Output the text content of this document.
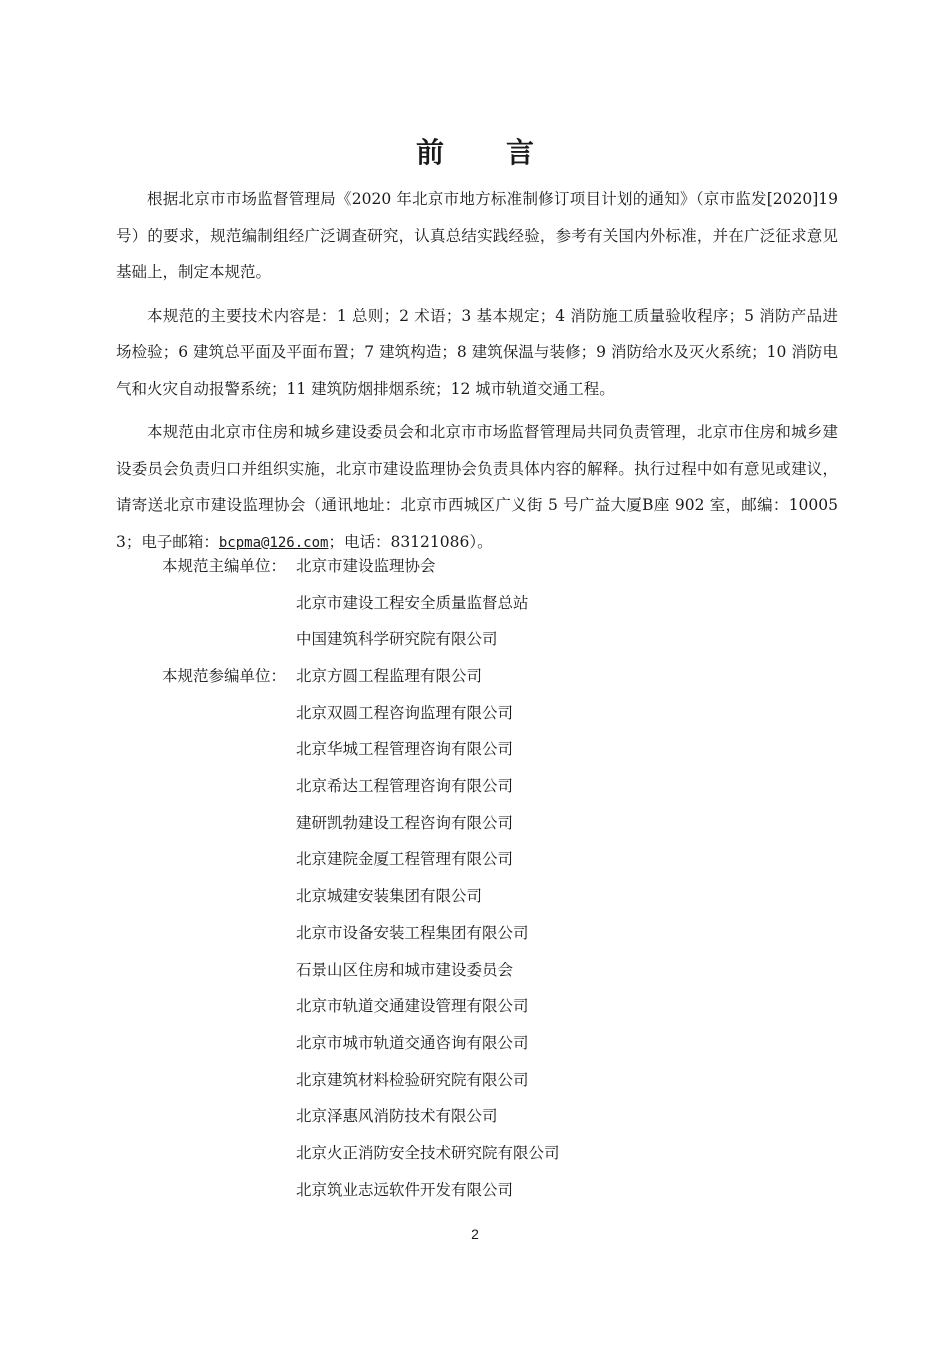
前 言

根据北京市市场监督管理局《2020 年北京市地方标准制修订项目计划的通知》（京市监发[2020]19 号）的要求，规范编制组经广泛调查研究，认真总结实践经验，参考有关国内外标准，并在广泛征求意见基础上，制定本规范。

本规范的主要技术内容是：1 总则；2 术语；3 基本规定；4 消防施工质量验收程序；5 消防产品进场检验；6 建筑总平面及平面布置；7 建筑构造；8 建筑保温与装修；9 消防给水及灭火系统；10 消防电气和火灾自动报警系统；11 建筑防烟排烟系统；12 城市轨道交通工程。

本规范由北京市住房和城乡建设委员会和北京市市场监督管理局共同负责管理，北京市住房和城乡建设委员会负责归口并组织实施，北京市建设监理协会负责具体内容的解释。执行过程中如有意见或建议，请寄送北京市建设监理协会（通讯地址：北京市西城区广义街 5 号广益大厦B座 902 室，邮编：100053；电子邮箱：bcpma@126.com；电话：83121086）。

本规范主编单位： 北京市建设监理协会
北京市建设工程安全质量监督总站
中国建筑科学研究院有限公司
本规范参编单位： 北京方圆工程监理有限公司
北京双圆工程咨询监理有限公司
北京华城工程管理咨询有限公司
北京希达工程管理咨询有限公司
建研凯勃建设工程咨询有限公司
北京建院金厦工程管理有限公司
北京城建安装集团有限公司
北京市设备安装工程集团有限公司
石景山区住房和城市建设委员会
北京市轨道交通建设管理有限公司
北京市城市轨道交通咨询有限公司
北京建筑材料检验研究院有限公司
北京泽惠风消防技术有限公司
北京火正消防安全技术研究院有限公司
北京筑业志远软件开发有限公司
2
